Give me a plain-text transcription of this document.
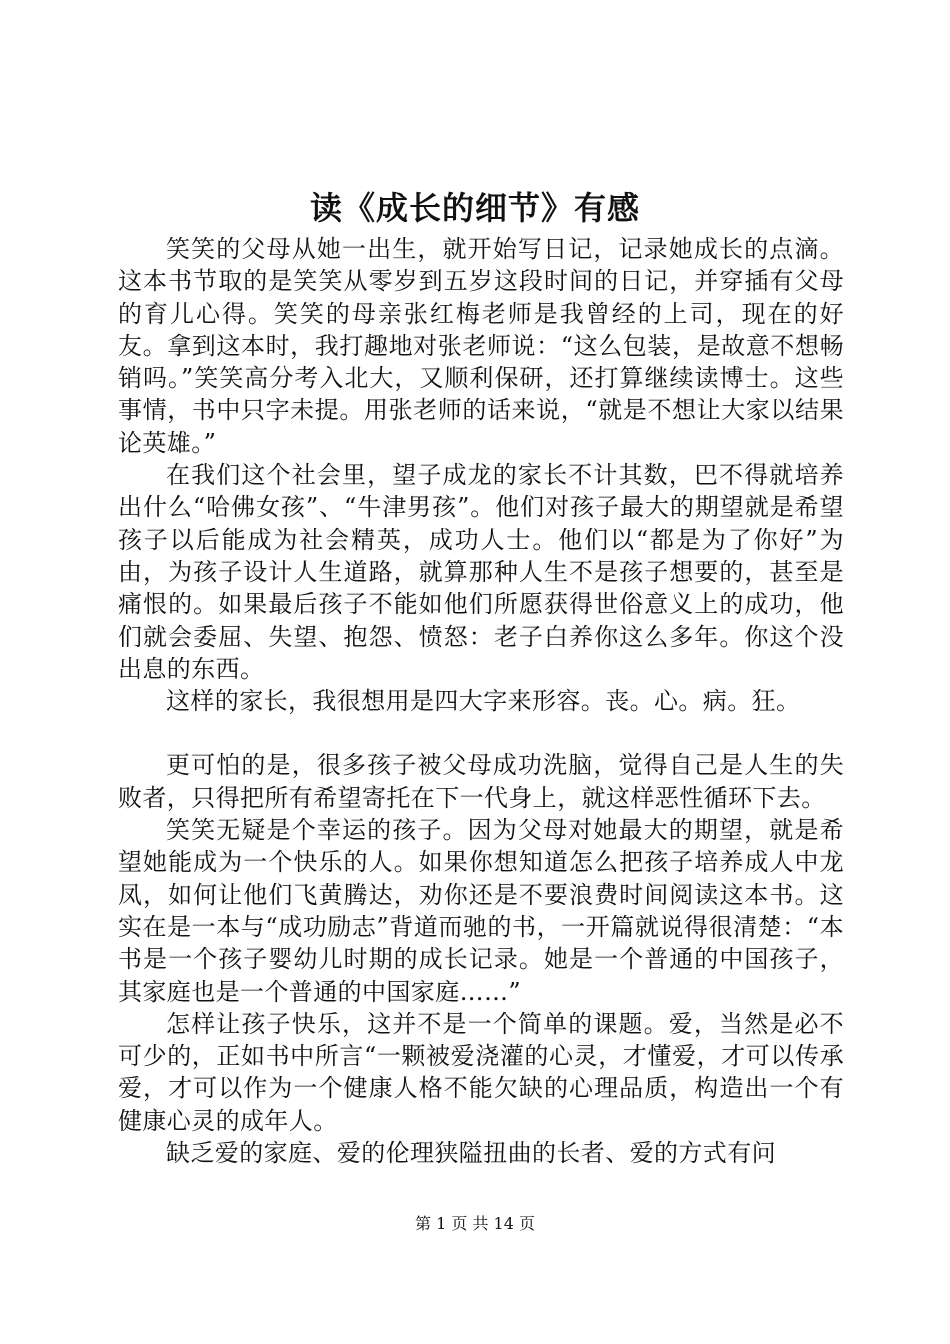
读《成长的细节》有感

笑笑的父母从她一出生，就开始写日记，记录她成长的点滴。这本书节取的是笑笑从零岁到五岁这段时间的日记，并穿插有父母的育儿心得。笑笑的母亲张红梅老师是我曾经的上司，现在的好友。拿到这本时，我打趣地对张老师说：“这么包装，是故意不想畅销吗。”笑笑高分考入北大，又顺利保研，还打算继续读博士。这些事情，书中只字未提。用张老师的话来说，“就是不想让大家以结果论英雄。”

在我们这个社会里，望子成龙的家长不计其数，巴不得就培养出什么“哈佛女孩”、“牛津男孩”。他们对孩子最大的期望就是希望孩子以后能成为社会精英，成功人士。他们以“都是为了你好”为由，为孩子设计人生道路，就算那种人生不是孩子想要的，甚至是痛恨的。如果最后孩子不能如他们所愿获得世俗意义上的成功，他们就会委屈、失望、抱怨、愤怒：老子白养你这么多年。你这个没出息的东西。

这样的家长，我很想用是四大字来形容。丧。心。病。狂。

更可怕的是，很多孩子被父母成功洗脑，觉得自己是人生的失败者，只得把所有希望寄托在下一代身上，就这样恶性循环下去。

笑笑无疑是个幸运的孩子。因为父母对她最大的期望，就是希望她能成为一个快乐的人。如果你想知道怎么把孩子培养成人中龙凤，如何让他们飞黄腾达，劝你还是不要浪费时间阅读这本书。这实在是一本与“成功励志”背道而驰的书，一开篇就说得很清楚：“本书是一个孩子婴幼儿时期的成长记录。她是一个普通的中国孩子，其家庭也是一个普通的中国家庭……”

怎样让孩子快乐，这并不是一个简单的课题。爱，当然是必不可少的，正如书中所言“一颗被爱浇灌的心灵，才懂爱，才可以传承爱，才可以作为一个健康人格不能欠缺的心理品质，构造出一个有健康心灵的成年人。

缺乏爱的家庭、爱的伦理狭隘扭曲的长者、爱的方式有问

第 1 页 共 14 页
